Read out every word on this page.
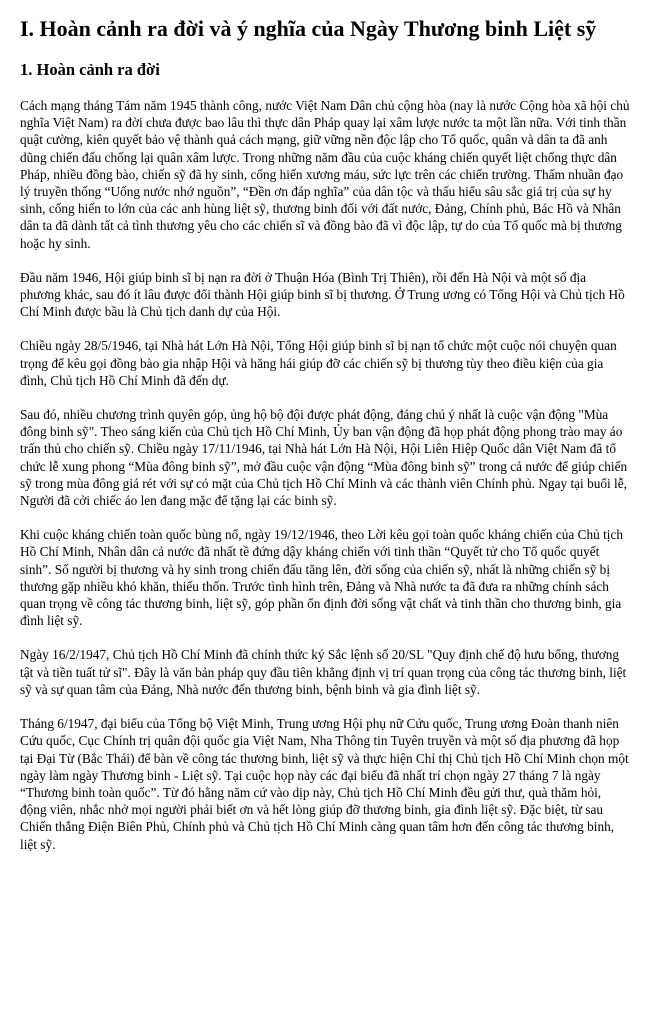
I. Hoàn cảnh ra đời và ý nghĩa của Ngày Thương binh Liệt sỹ
1. Hoàn cảnh ra đời

Cách mạng tháng Tám năm 1945 thành công, nước Việt Nam Dân chủ cộng hòa (nay là nước Cộng hòa xã hội chủ nghĩa Việt Nam) ra đời chưa được bao lâu thì thực dân Pháp quay lại xâm lược nước ta một lần nữa. Với tinh thần quật cường, kiên quyết bảo vệ thành quả cách mạng, giữ vững nền độc lập cho Tổ quốc, quân và dân ta đã anh dũng chiến đấu chống lại quân xâm lược. Trong những năm đầu của cuộc kháng chiến quyết liệt chống thực dân Pháp, nhiều đồng bào, chiến sỹ đã hy sinh, cống hiến xương máu, sức lực trên các chiến trường. Thấm nhuần đạo lý truyền thống “Uống nước nhớ nguồn”, “Đền ơn đáp nghĩa” của dân tộc và thấu hiểu sâu sắc giá trị của sự hy sinh, cống hiến to lớn của các anh hùng liệt sỹ, thương binh đối với đất nước, Đảng, Chính phủ, Bác Hồ và Nhân dân ta đã dành tất cả tình thương yêu cho các chiến sĩ và đồng bào đã vì độc lập, tự do của Tổ quốc mà bị thương hoặc hy sinh.

Đầu năm 1946, Hội giúp binh sĩ bị nạn ra đời ở Thuận Hóa (Bình Trị Thiên), rồi đến Hà Nội và một số địa phương khác, sau đó ít lâu được đổi thành Hội giúp binh sĩ bị thương. Ở Trung ương có Tổng Hội và Chủ tịch Hồ Chí Minh được bầu là Chủ tịch danh dự của Hội.

Chiều ngày 28/5/1946, tại Nhà hát Lớn Hà Nội, Tổng Hội giúp binh sĩ bị nạn tổ chức một cuộc nói chuyện quan trọng để kêu gọi đồng bào gia nhập Hội và hăng hái giúp đỡ các chiến sỹ bị thương tùy theo điều kiện của gia đình, Chủ tịch Hồ Chí Minh đã đến dự.

Sau đó, nhiều chương trình quyên góp, ủng hộ bộ đội được phát động, đáng chú ý nhất là cuộc vận động "Mùa đông binh sỹ". Theo sáng kiến của Chủ tịch Hồ Chí Minh, Ủy ban vận động đã họp phát động phong trào may áo trấn thủ cho chiến sỹ. Chiều ngày 17/11/1946, tại Nhà hát Lớn Hà Nội, Hội Liên Hiệp Quốc dân Việt Nam đã tổ chức lễ xung phong “Mùa đông binh sỹ”, mở đầu cuộc vận động “Mùa đông binh sỹ” trong cả nước để giúp chiến sỹ trong mùa đông giá rét với sự có mặt của Chủ tịch Hồ Chí Minh và các thành viên Chính phủ. Ngay tại buổi lễ, Người đã cởi chiếc áo len đang mặc để tặng lại các binh sỹ.

Khi cuộc kháng chiến toàn quốc bùng nổ, ngày 19/12/1946, theo Lời kêu gọi toàn quốc kháng chiến của Chủ tịch Hồ Chí Minh, Nhân dân cả nước đã nhất tề đứng dậy kháng chiến với tinh thần “Quyết tử cho Tổ quốc quyết sinh”. Số người bị thương và hy sinh trong chiến đấu tăng lên, đời sống của chiến sỹ, nhất là những chiến sỹ bị thương gặp nhiều khó khăn, thiếu thốn. Trước tình hình trên, Đảng và Nhà nước ta đã đưa ra những chính sách quan trọng về công tác thương binh, liệt sỹ, góp phần ổn định đời sống vật chất và tinh thần cho thương binh, gia đình liệt sỹ.

Ngày 16/2/1947, Chủ tịch Hồ Chí Minh đã chính thức ký Sắc lệnh số 20/SL "Quy định chế độ hưu bổng, thương tật và tiền tuất tử sĩ". Đây là văn bản pháp quy đầu tiên khẳng định vị trí quan trọng của công tác thương binh, liệt sỹ và sự quan tâm của Đảng, Nhà nước đến thương binh, bệnh binh và gia đình liệt sỹ.

Tháng 6/1947, đại biểu của Tổng bộ Việt Minh, Trung ương Hội phụ nữ Cứu quốc, Trung ương Đoàn thanh niên Cứu quốc, Cục Chính trị quân đội quốc gia Việt Nam, Nha Thông tin Tuyên truyền và một số địa phương đã họp tại Đại Từ (Bắc Thái) để bàn về công tác thương binh, liệt sỹ và thực hiện Chỉ thị Chủ tịch Hồ Chí Minh chọn một ngày làm ngày Thương binh - Liệt sỹ. Tại cuộc họp này các đại biểu đã nhất trí chọn ngày 27 tháng 7 là ngày “Thương binh toàn quốc”. Từ đó hằng năm cứ vào dịp này, Chủ tịch Hồ Chí Minh đều gửi thư, quà thăm hỏi, động viên, nhắc nhở mọi người phải biết ơn và hết lòng giúp đỡ thương binh, gia đình liệt sỹ. Đặc biệt, từ sau Chiến thắng Điện Biên Phủ, Chính phủ và Chủ tịch Hồ Chí Minh càng quan tâm hơn đến công tác thương binh, liệt sỹ.
